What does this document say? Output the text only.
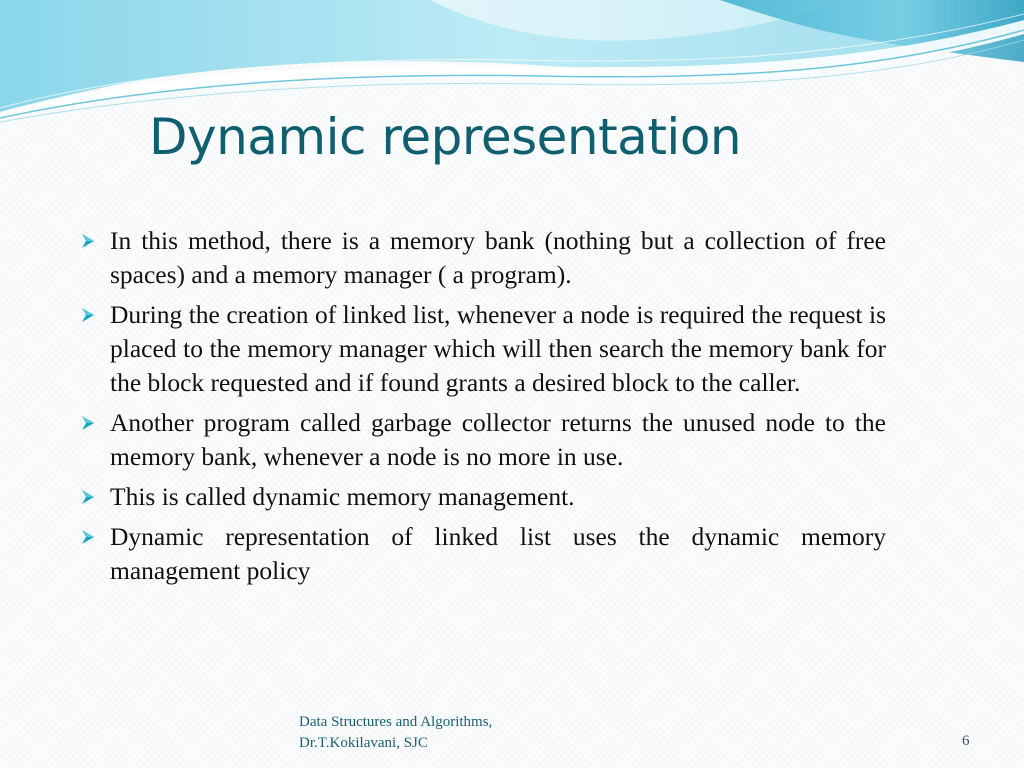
Dynamic representation
In this method, there is a memory bank (nothing but a collection of free spaces) and a memory manager ( a program).
During the creation of linked list, whenever a node is required the request is placed to the memory manager which will then search the memory bank for the block requested and if found grants a desired block to the caller.
Another program called garbage collector returns the unused node to the memory bank, whenever a node is no more in use.
This is called dynamic memory management.
Dynamic representation of linked list uses the dynamic memory management policy
Data Structures and Algorithms,
Dr.T.Kokilavani, SJC	6
